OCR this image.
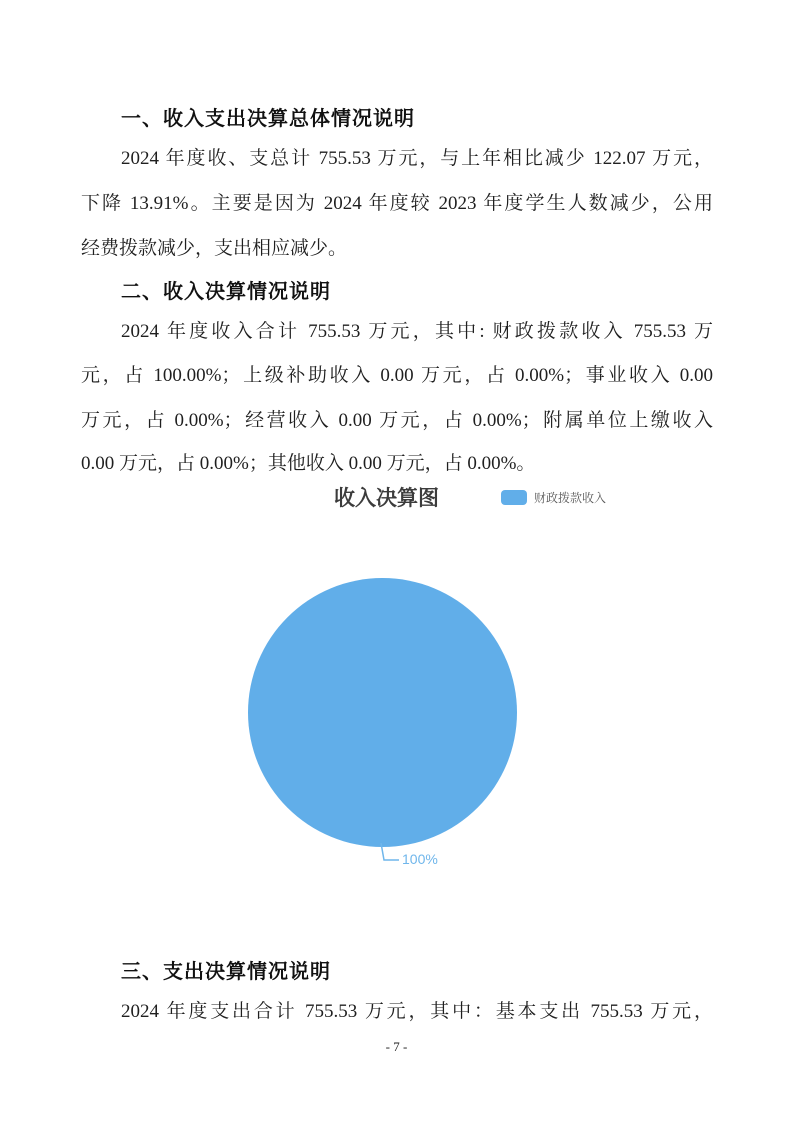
一、收入支出决算总体情况说明
2024 年度收、支总计 755.53 万元，与上年相比减少 122.07 万元，
下降 13.91%。主要是因为 2024 年度较 2023 年度学生人数减少，公用
经费拨款减少，支出相应减少。
二、收入决算情况说明
2024 年度收入合计 755.53 万元，其中: 财政拨款收入 755.53 万
元，占 100.00%；上级补助收入 0.00 万元，占 0.00%；事业收入 0.00
万元，占 0.00%；经营收入 0.00 万元，占 0.00%；附属单位上缴收入
0.00 万元，占 0.00%；其他收入 0.00 万元，占 0.00%。
收入决算图	财政拨款收入
100%
三、支出决算情况说明
2024 年度支出合计 755.53 万元，其中：基本支出 755.53 万元，
- 7 -
